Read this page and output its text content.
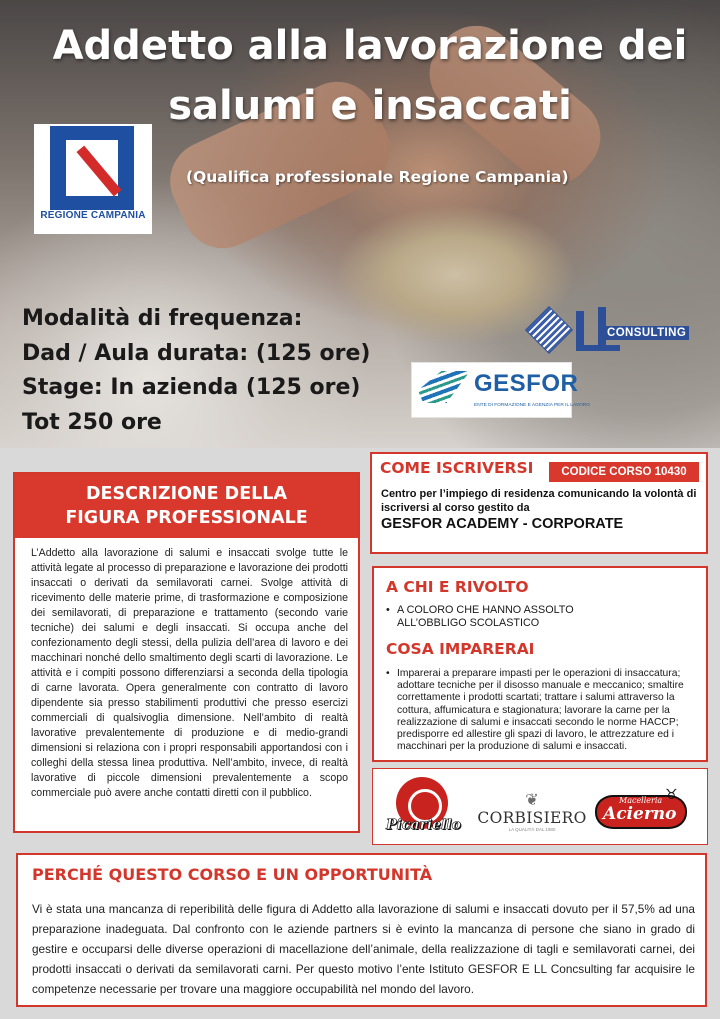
Addetto alla lavorazione dei
salumi e insaccati
(Qualifica professionale Regione Campania)
REGIONE CAMPANIA
Modalità di frequenza:
Dad / Aula durata: (125 ore)
Stage: In azienda (125 ore)
Tot 250 ore
CONSULTING
GESFOR
ENTE DI FORMAZIONE E AGENZIA PER IL LAVORO
DESCRIZIONE DELLA
FIGURA PROFESSIONALE
L’Addetto alla lavorazione di salumi e insaccati svolge tutte le attività legate al processo di preparazione e lavorazione dei prodotti insaccati o derivati da semilavorati carnei. Svolge attività di ricevimento delle materie prime, di trasformazione e composizione dei semilavorati, di preparazione e trattamento (secondo varie tecniche) dei salumi e degli insaccati. Si occupa anche del confezionamento degli stessi, della pulizia dell’area di lavoro e dei macchinari nonché dello smaltimento degli scarti di lavorazione. Le attività e i compiti possono differenziarsi a seconda della tipologia di carne lavorata. Opera generalmente con contratto di lavoro dipendente sia presso stabilimenti produttivi che presso esercizi commerciali di qualsivoglia dimensione. Nell’ambito di realtà lavorative prevalentemente di produzione e di medio-grandi dimensioni si relaziona con i propri responsabili apportandosi con i colleghi della stessa linea produttiva. Nell’ambito, invece, di realtà lavorative di piccole dimensioni prevalentemente a scopo commerciale può avere anche contatti diretti con il pubblico.
COME ISCRIVERSI	CODICE CORSO 10430
Centro per l’impiego di residenza comunicando la volontà di iscriversi al corso gestito da
GESFOR ACADEMY - CORPORATE
A CHI E RIVOLTO
• A COLORO CHE HANNO ASSOLTO ALL’OBBLIGO SCOLASTICO
COSA IMPARERAI
• Imparerai a preparare impasti per le operazioni di insaccatura; adottare tecniche per il disosso manuale e meccanico; smaltire correttamente i prodotti scartati; trattare i salumi attraverso la cottura, affumicatura e stagionatura; lavorare la carne per la realizzazione di salumi e insaccati secondo le norme HACCP; predisporre ed allestire gli spazi di lavoro, le attrezzature ed i macchinari per la produzione di salumi e insaccati.
Picariello
❦
CORBISIERO
LA QUALITÀ DAL 1980
Macelleria
Acierno
♉
PERCHÉ QUESTO CORSO E UN OPPORTUNITÀ
Vi è stata una mancanza di reperibilità delle figura di Addetto alla lavorazione di salumi e insaccati dovuto per il 57,5% ad una preparazione inadeguata. Dal confronto con le aziende partners si è evinto la mancanza di persone che siano in grado di gestire e occuparsi delle diverse operazioni di macellazione dell’animale, della realizzazione di tagli e semilavorati carnei, dei prodotti insaccati o derivati da semilavorati carni. Per questo motivo l’ente Istituto GESFOR E LL Concsulting far acquisire le competenze necessarie per trovare una maggiore occupabilità nel mondo del lavoro.
